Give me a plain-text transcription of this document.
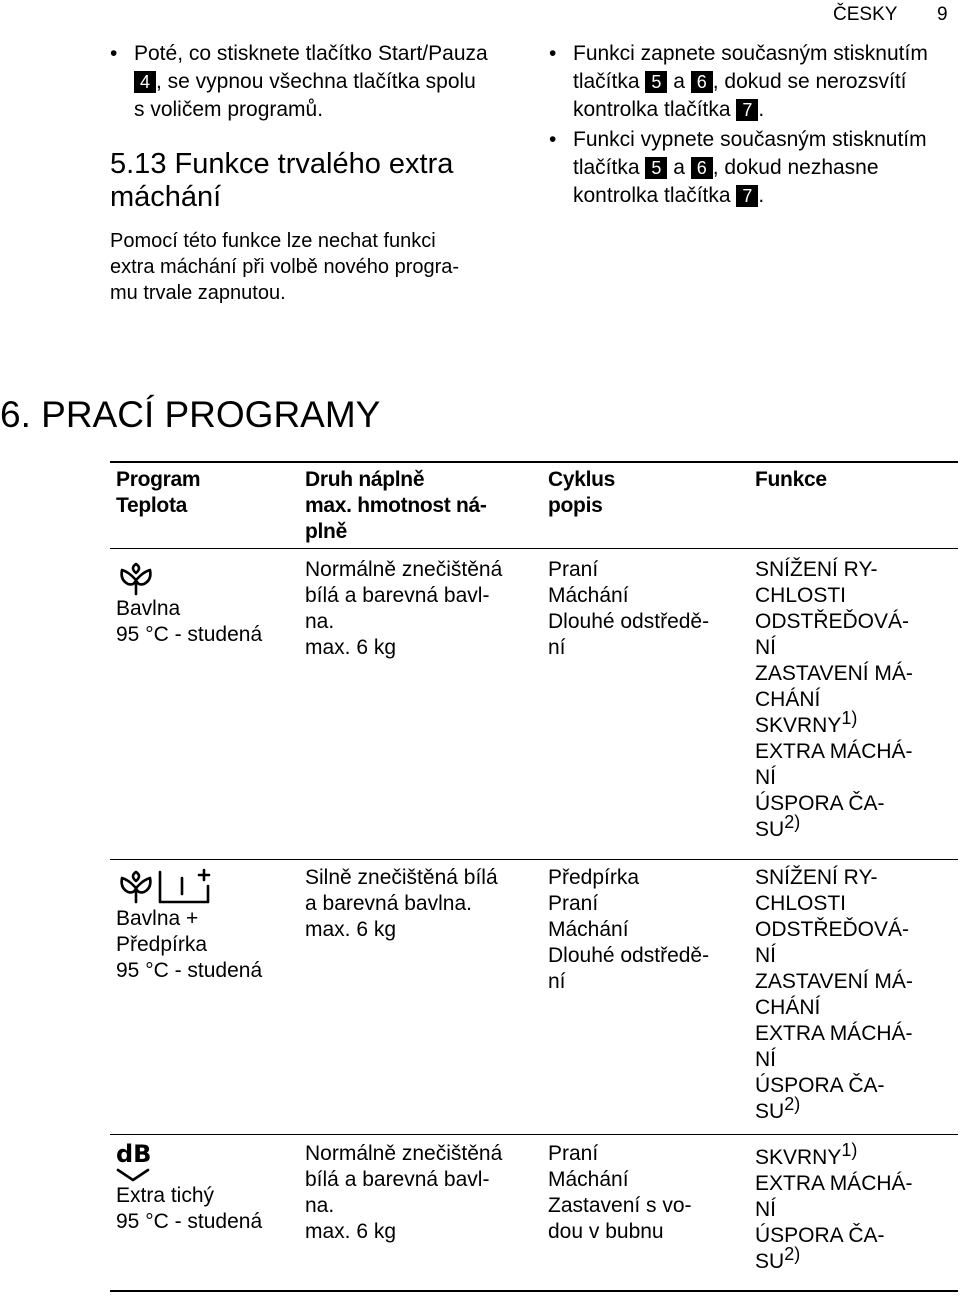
ČESKY 9
• Poté, co stisknete tlačítko Start/Pauza
4 , se vypnou všechna tlačítka spolu
s voličem programů.
5.13 Funkce trvalého extra
máchání
Pomocí této funkce lze nechat funkci
extra máchání při volbě nového progra-
mu trvale zapnutou.
• Funkci zapnete současným stisknutím
tlačítka 5 a 6 , dokud se nerozsvítí
kontrolka tlačítka 7 .
• Funkci vypnete současným stisknutím
tlačítka 5 a 6 , dokud nezhasne
kontrolka tlačítka 7 .
6. PRACÍ PROGRAMY
Program
Teplota
Druh náplně
max. hmotnost ná-
plně
Cyklus
popis
Funkce
Bavlna
95 °C - studená
Normálně znečištěná
bílá a barevná bavl-
na.
max. 6 kg
Praní
Máchání
Dlouhé odstředě-
ní
SNÍŽENÍ RY-
CHLOSTI
ODSTŘEĎOVÁ-
NÍ
ZASTAVENÍ MÁ-
CHÁNÍ
SKVRNY$^{1)}$
EXTRA MÁCHÁ-
NÍ
ÚSPORA ČA-
SU$^{2)}$
Bavlna +
Předpírka
95 °C - studená
Silně znečištěná bílá
a barevná bavlna.
max. 6 kg
Předpírka
Praní
Máchání
Dlouhé odstředě-
ní
SNÍŽENÍ RY-
CHLOSTI
ODSTŘEĎOVÁ-
NÍ
ZASTAVENÍ MÁ-
CHÁNÍ
EXTRA MÁCHÁ-
NÍ
ÚSPORA ČA-
SU$^{2)}$
dB
Extra tichý
95 °C - studená
Normálně znečištěná
bílá a barevná bavl-
na.
max. 6 kg
Praní
Máchání
Zastavení s vo-
dou v bubnu
SKVRNY$^{1)}$
EXTRA MÁCHÁ-
NÍ
ÚSPORA ČA-
SU$^{2)}$
